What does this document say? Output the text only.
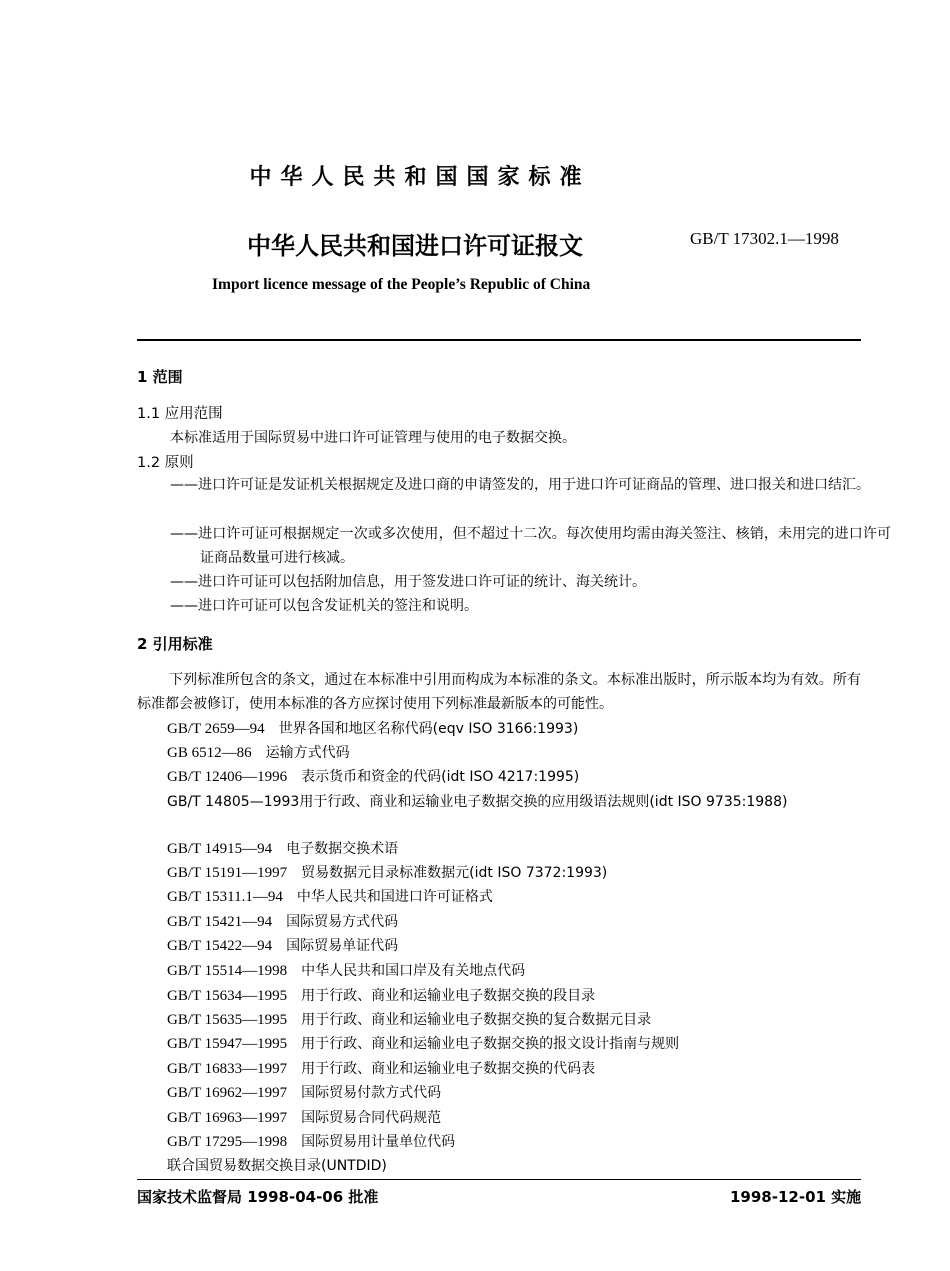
中华人民共和国国家标准
中华人民共和国进口许可证报文	GB/T 17302.1—1998
Import licence message of the People’s Republic of China
1 范围
1.1 应用范围
本标准适用于国际贸易中进口许可证管理与使用的电子数据交换。
1.2 原则
——进口许可证是发证机关根据规定及进口商的申请签发的，用于进口许可证商品的管理、进口报关和进口结汇。
——进口许可证可根据规定一次或多次使用，但不超过十二次。每次使用均需由海关签注、核销，未用完的进口许可证商品数量可进行核减。
——进口许可证可以包括附加信息，用于签发进口许可证的统计、海关统计。
——进口许可证可以包含发证机关的签注和说明。
2 引用标准
下列标准所包含的条文，通过在本标准中引用而构成为本标准的条文。本标准出版时，所示版本均为有效。所有标准都会被修订，使用本标准的各方应探讨使用下列标准最新版本的可能性。
GB/T 2659—94 世界各国和地区名称代码(eqv ISO 3166:1993)
GB 6512—86 运输方式代码
GB/T 12406—1996 表示货币和资金的代码(idt ISO 4217:1995)
GB/T 14805—1993用于行政、商业和运输业电子数据交换的应用级语法规则(idt ISO 9735:1988)
GB/T 14915—94 电子数据交换术语
GB/T 15191—1997 贸易数据元目录标准数据元(idt ISO 7372:1993)
GB/T 15311.1—94 中华人民共和国进口许可证格式
GB/T 15421—94 国际贸易方式代码
GB/T 15422—94 国际贸易单证代码
GB/T 15514—1998 中华人民共和国口岸及有关地点代码
GB/T 15634—1995 用于行政、商业和运输业电子数据交换的段目录
GB/T 15635—1995 用于行政、商业和运输业电子数据交换的复合数据元目录
GB/T 15947—1995 用于行政、商业和运输业电子数据交换的报文设计指南与规则
GB/T 16833—1997 用于行政、商业和运输业电子数据交换的代码表
GB/T 16962—1997 国际贸易付款方式代码
GB/T 16963—1997 国际贸易合同代码规范
GB/T 17295—1998 国际贸易用计量单位代码
联合国贸易数据交换目录(UNTDID)
国家技术监督局 1998-04-06 批准	1998-12-01 实施
